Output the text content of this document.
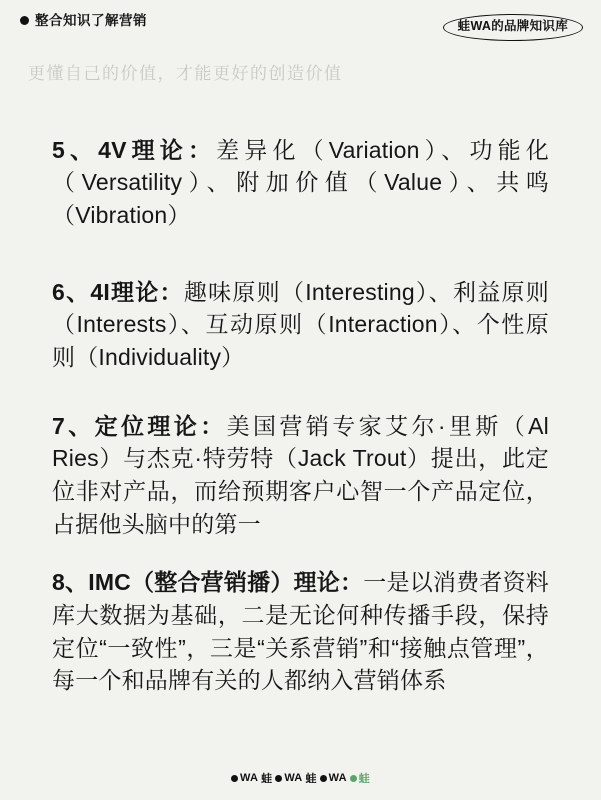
整合知识了解营销	蛙WA的品牌知识库
更懂自己的价值，才能更好的创造价值

5、4V理论：差异化（Variation）、功能化（Versatility）、附加价值（Value）、共鸣（Vibration）

6、4I理论：趣味原则（Interesting）、利益原则（Interests）、互动原则（Interaction）、个性原则（Individuality）

7、定位理论：美国营销专家艾尔·里斯（Al Ries）与杰克·特劳特（Jack Trout）提出，此定位非对产品，而给预期客户心智一个产品定位，占据他头脑中的第一

8、IMC（整合营销播）理论：一是以消费者资料库大数据为基础，二是无论何种传播手段，保持定位“一致性”，三是“关系营销”和“接触点管理”，每一个和品牌有关的人都纳入营销体系

WA 蛙 WA 蛙 WA 蛙
